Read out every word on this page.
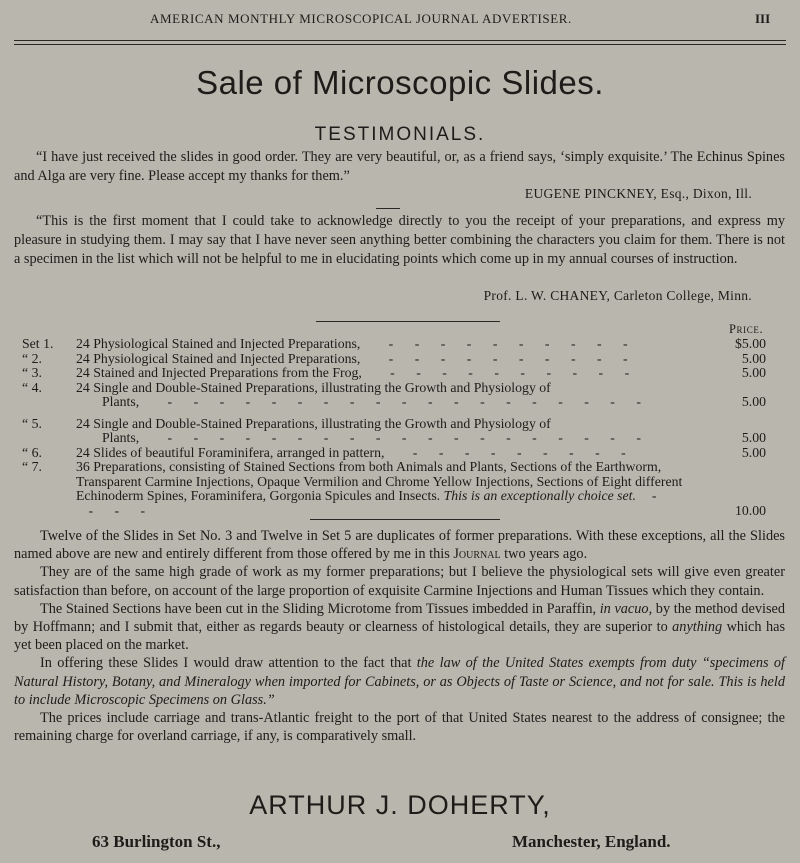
AMERICAN MONTHLY MICROSCOPICAL JOURNAL ADVERTISER.	III
Sale of Microscopic Slides.
TESTIMONIALS.
“I have just received the slides in good order. They are very beautiful, or, as a friend says, ‘simply exquisite.’ The Echinus Spines and Alga are very fine. Please accept my thanks for them.”
EUGENE PINCKNEY, Esq., Dixon, Ill.
“This is the first moment that I could take to acknowledge directly to you the receipt of your preparations, and express my pleasure in studying them. I may say that I have never seen anything better combining the characters you claim for them. There is not a specimen in the list which will not be helpful to me in elucidating points which come up in my annual courses of instruction.
Prof. L. W. CHANEY, Carleton College, Minn.
Price.
Set 1.	24 Physiological Stained and Injected Preparations,   - - - - - - - - - -	$5.00
“ 2.	24 Physiological Stained and Injected Preparations,   - - - - - - - - - -	5.00
“ 3.	24 Stained and Injected Preparations from the Frog,   - - - - - - - - - -	5.00
“ 4.	24 Single and Double-Stained Preparations, illustrating the Growth and Physiology of
Plants,   - - - - - - - - - - - - - - - - - - -	5.00
“ 5.	24 Single and Double-Stained Preparations, illustrating the Growth and Physiology of
Plants,   - - - - - - - - - - - - - - - - - - -	5.00
“ 6.	24 Slides of beautiful Foraminifera, arranged in pattern,   - - - - - - - - -	5.00
“ 7.	36 Preparations, consisting of Stained Sections from both Animals and Plants, Sections of the Earthworm, Transparent Carmine Injections, Opaque Vermilion and Chrome Yellow Injections, Sections of Eight different Echinoderm Spines, Foraminifera, Gorgonia Spicules and Insects. This is an exceptionally choice set.  - - - -	10.00

Twelve of the Slides in Set No. 3 and Twelve in Set 5 are duplicates of former preparations. With these exceptions, all the Slides named above are new and entirely different from those offered by me in this Journal two years ago.

They are of the same high grade of work as my former preparations; but I believe the physiological sets will give even greater satisfaction than before, on account of the large proportion of exquisite Carmine Injections and Human Tissues which they contain.

The Stained Sections have been cut in the Sliding Microtome from Tissues imbedded in Paraffin, in vacuo, by the method devised by Hoffmann; and I submit that, either as regards beauty or clearness of histological details, they are superior to anything which has yet been placed on the market.

In offering these Slides I would draw attention to the fact that the law of the United States exempts from duty “specimens of Natural History, Botany, and Mineralogy when imported for Cabinets, or as Objects of Taste or Science, and not for sale. This is held to include Microscopic Specimens on Glass.”

The prices include carriage and trans-Atlantic freight to the port of that United States nearest to the address of consignee; the remaining charge for overland carriage, if any, is comparatively small.

ARTHUR J. DOHERTY,
63 Burlington St.,	Manchester, England.
